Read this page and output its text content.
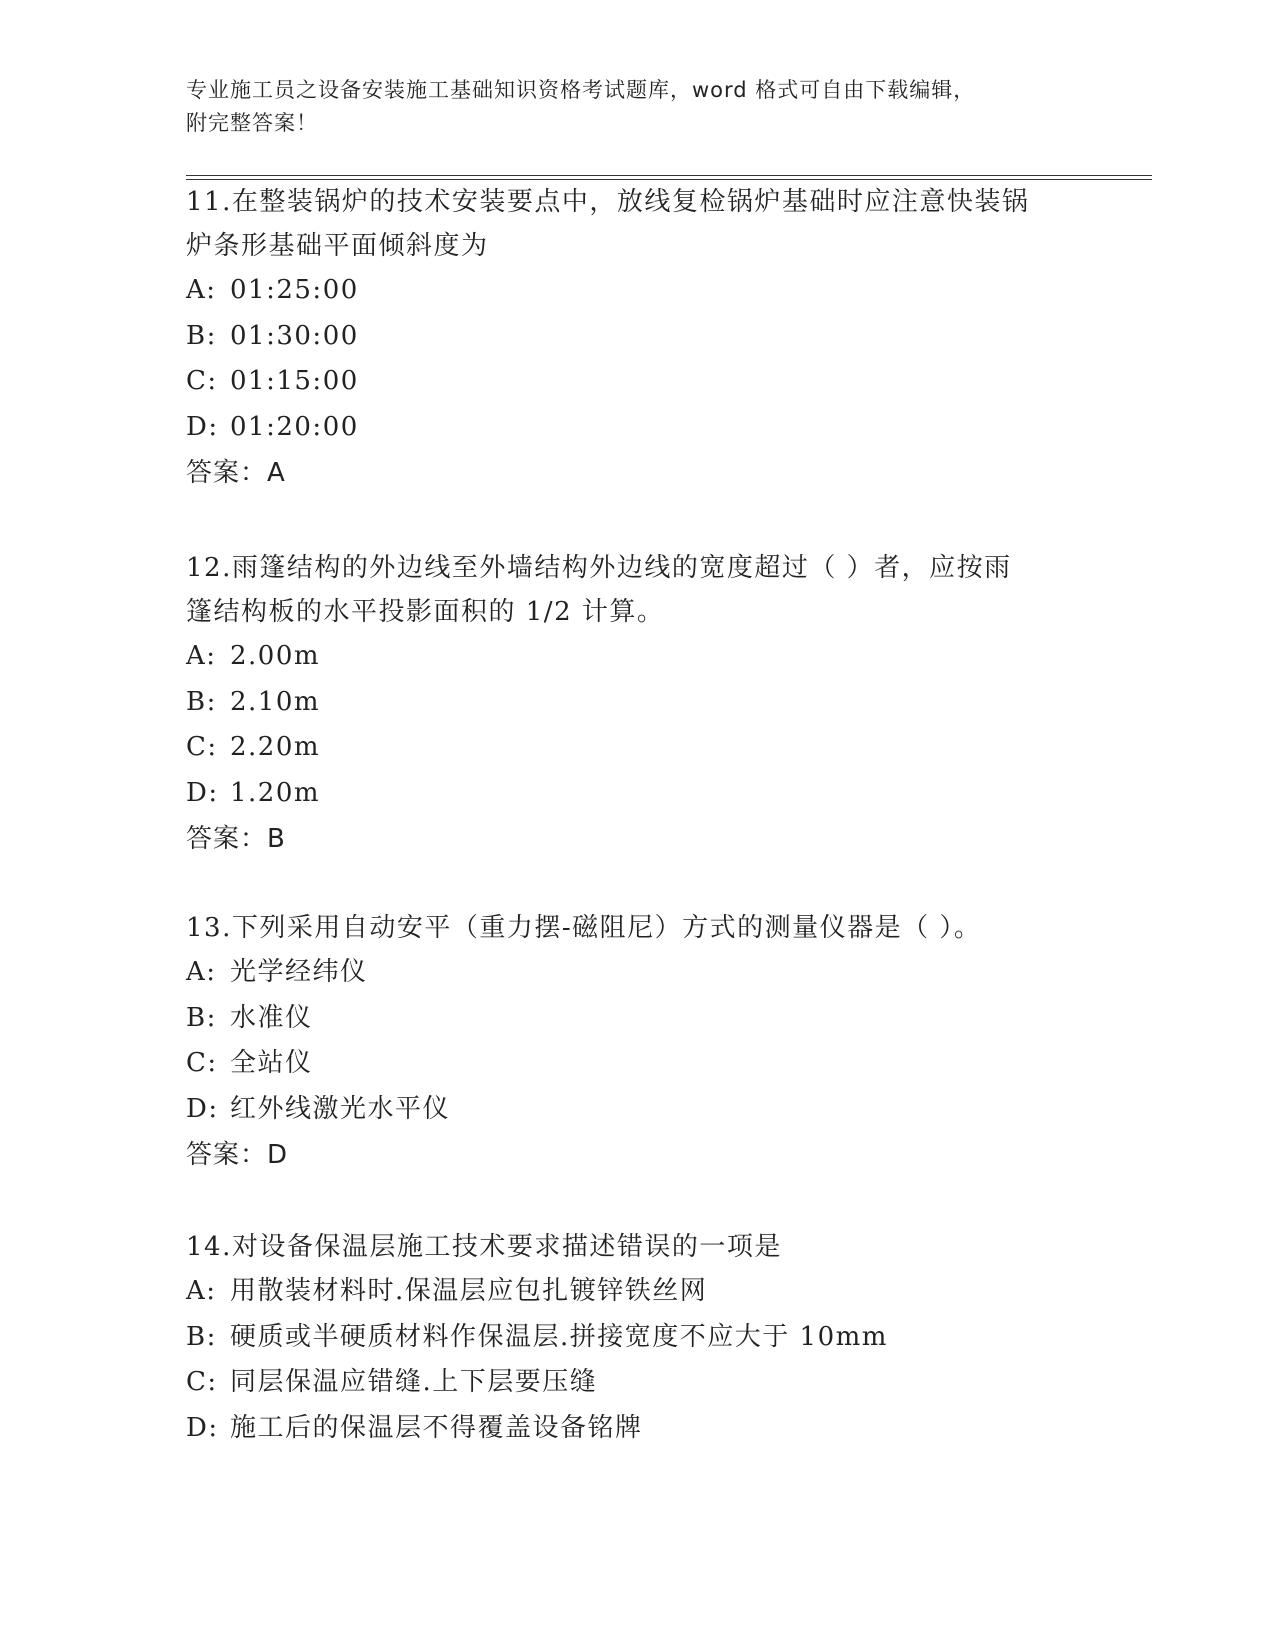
专业施工员之设备安装施工基础知识资格考试题库，word 格式可自由下载编辑，
附完整答案！

11.在整装锅炉的技术安装要点中，放线复检锅炉基础时应注意快装锅

炉条形基础平面倾斜度为

A: 01:25:00

B: 01:30:00

C: 01:15:00

D: 01:20:00

答案：A

12.雨篷结构的外边线至外墙结构外边线的宽度超过（ ）者，应按雨

篷结构板的水平投影面积的 1/2 计算。

A: 2.00m

B: 2.10m

C: 2.20m

D: 1.20m

答案：B

13.下列采用自动安平（重力摆-磁阻尼）方式的测量仪器是（ ）。

A: 光学经纬仪

B: 水准仪

C: 全站仪

D: 红外线激光水平仪

答案：D

14.对设备保温层施工技术要求描述错误的一项是

A: 用散装材料时.保温层应包扎镀锌铁丝网

B: 硬质或半硬质材料作保温层.拼接宽度不应大于 10mm

C: 同层保温应错缝.上下层要压缝

D: 施工后的保温层不得覆盖设备铭牌
